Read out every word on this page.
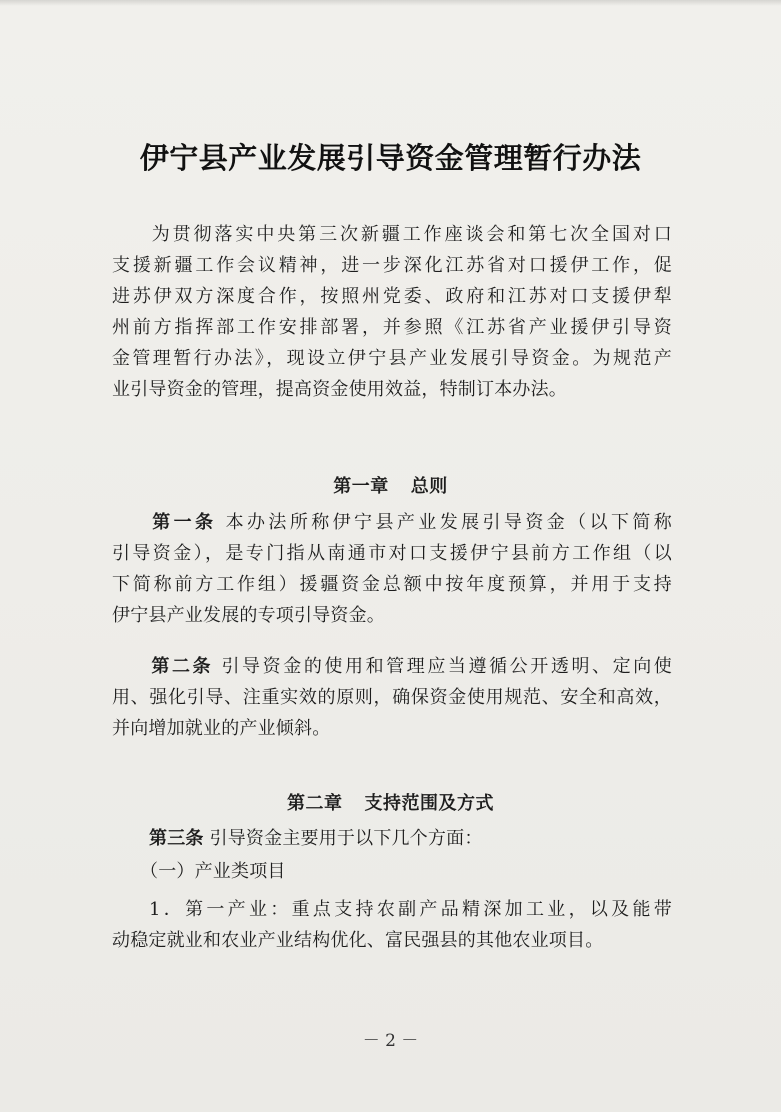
伊宁县产业发展引导资金管理暂行办法
为贯彻落实中央第三次新疆工作座谈会和第七次全国对口
支援新疆工作会议精神，进一步深化江苏省对口援伊工作，促
进苏伊双方深度合作，按照州党委、政府和江苏对口支援伊犁
州前方指挥部工作安排部署，并参照《江苏省产业援伊引导资
金管理暂行办法》，现设立伊宁县产业发展引导资金。为规范产
业引导资金的管理，提高资金使用效益，特制订本办法。
第一章 总则
第一条 本办法所称伊宁县产业发展引导资金（以下简称
引导资金），是专门指从南通市对口支援伊宁县前方工作组（以
下简称前方工作组）援疆资金总额中按年度预算，并用于支持
伊宁县产业发展的专项引导资金。
第二条 引导资金的使用和管理应当遵循公开透明、定向使
用、强化引导、注重实效的原则，确保资金使用规范、安全和高效，
并向增加就业的产业倾斜。
第二章 支持范围及方式
第三条 引导资金主要用于以下几个方面：
（一）产业类项目
1．第一产业：重点支持农副产品精深加工业，以及能带
动稳定就业和农业产业结构优化、富民强县的其他农业项目。
－ 2 －
